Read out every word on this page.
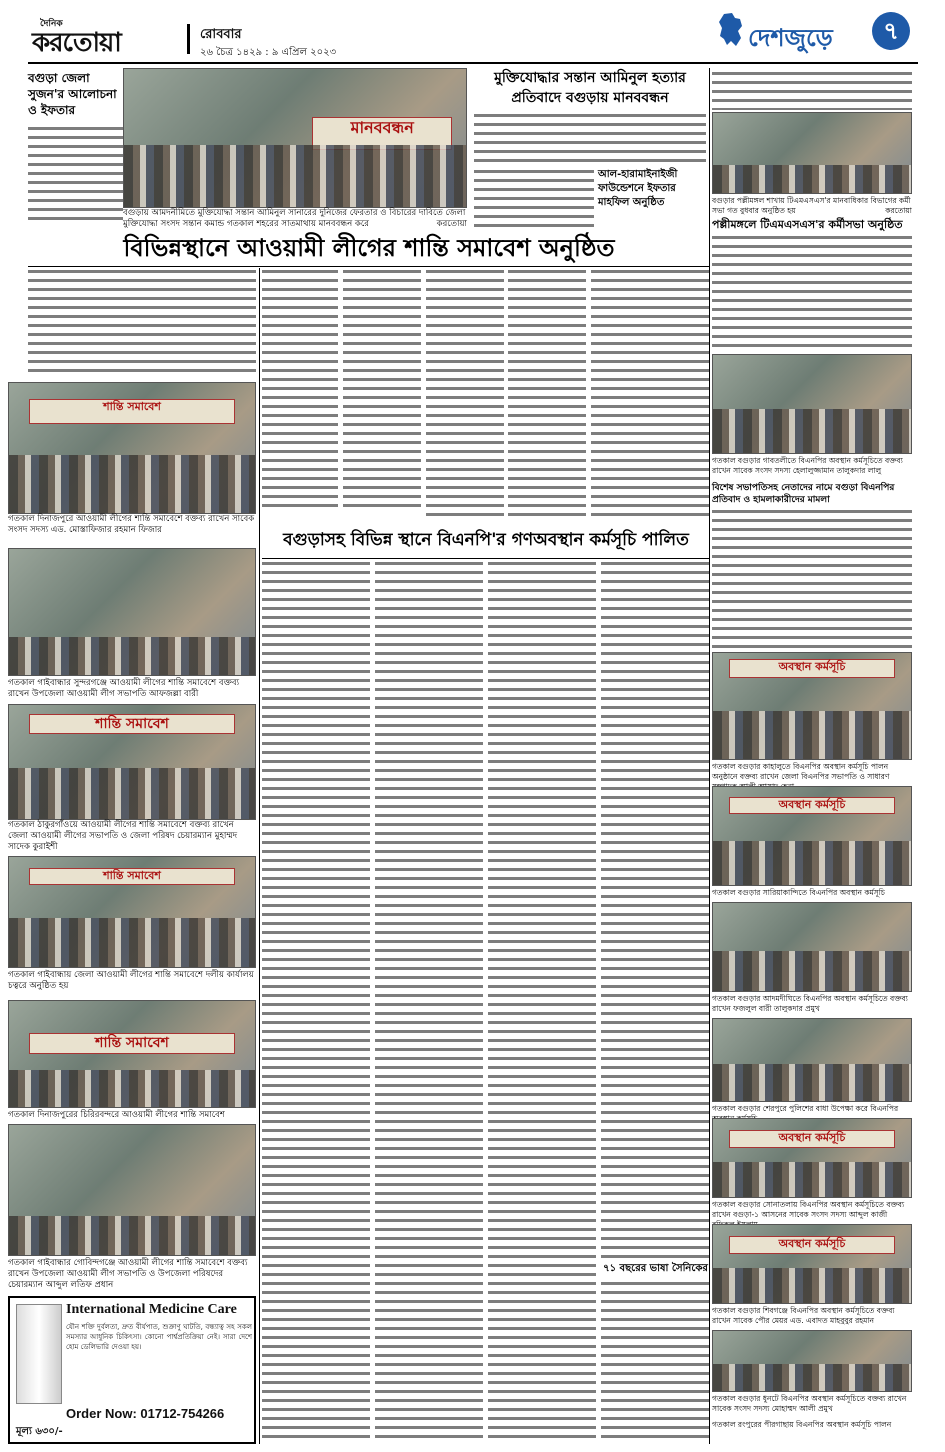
দৈনিক
করতোয়া	রোববার
২৬ চৈত্র ১৪২৯ : ৯ এপ্রিল ২০২৩
দেশজুড়ে	৭
বগুড়া জেলা সুজন'র আলোচনা ও ইফতার
মানববন্ধন
বগুড়ায় আমদনীমিতে মুক্তিযোদ্ধা সন্তান আমিনুল সানারের দুনিজের ফেরতার ও বিচারের দাবিতে জেলা মুক্তিযোদ্ধা সংসদ সন্তান কমান্ড গতকাল শহরের সাতমাথায় মানববন্ধন করে	করতোয়া
মুক্তিযোদ্ধার সন্তান আমিনুল হত্যার প্রতিবাদে বগুড়ায় মানববন্ধন
আল-হারামাইনাইজী ফাউন্ডেশনে ইফতার মাহফিল অনুষ্ঠিত	বগুড়ার পল্লীমঙ্গল শাখায় টিএমএসএস'র মানবাধিকার বিভাগের কর্মী সভা গত বুধবার অনুষ্ঠিত হয়	করতোয়া
পল্লীমঙ্গলে টিএমএসএস'র কর্মীসভা অনুষ্ঠিত
বিভিন্নস্থানে আওয়ামী লীগের শান্তি সমাবেশ অনুষ্ঠিত
শান্তি সমাবেশ
গতকাল দিনাজপুরে আওয়ামী লীগের শান্তি সমাবেশে বক্তব্য রাখেন সাবেক সংসদ সদস্য এড. মোস্তাফিজার রহমান ফিজার
গতকাল গাইবান্ধার সুন্দরগঞ্জে আওয়ামী লীগের শান্তি সমাবেশে বক্তব্য রাখেন উপজেলা আওয়ামী লীগ সভাপতি আফজল্লা বারী
শান্তি সমাবেশ
গতকাল ঠাকুরগাঁওয়ে আওয়ামী লীগের শান্তি সমাবেশে বক্তব্য রাখেন জেলা আওয়ামী লীগের সভাপতি ও জেলা পরিষদ চেয়ারম্যান মুহাম্মদ সাদেক কুরাইশী
শান্তি সমাবেশ
গতকাল গাইবান্ধায় জেলা আওয়ামী লীগের শান্তি সমাবেশে দলীয় কার্যালয় চত্বরে অনুষ্ঠিত হয়
শান্তি সমাবেশ
গতকাল দিনাজপুরের চিরিরবন্দরে আওয়ামী লীগের শান্তি সমাবেশ
গতকাল গাইবান্ধার গোবিন্দগঞ্জে আওয়ামী লীগের শান্তি সমাবেশে বক্তব্য রাখেন উপজেলা আওয়ামী লীগ সভাপতি ও উপজেলা পরিষদের চেয়ারম্যান আব্দুল লতিফ প্রধান
International Medicine Care
যৌন শক্তি দুর্বলতা, দ্রুত বীর্যপাত, শুক্রাণু ঘাটতি, বন্ধ্যাত্ব সহ সকল সমস্যার আধুনিক চিকিৎসা। কোনো পার্শ্বপ্রতিক্রিয়া নেই। সারা দেশে হোম ডেলিভারি দেওয়া হয়।
Order Now: 01712-754266
মূল্য ৬৩০/-
বগুড়াসহ বিভিন্ন স্থানে বিএনপি'র গণঅবস্থান কর্মসূচি পালিত
৭১ বছরের ভাষা সৈনিকের
গতকাল বগুড়ার গাবতলীতে বিএনপির অবস্থান কর্মসূচিতে বক্তব্য রাখেন সাবেক সংসদ সদস্য হেলালুজ্জামান তালুকদার লালু
বিশেষ সভাপতিসহ নেতাদের নামে বগুড়া বিএনপির প্রতিবাদ ও হামলাকারীদের মামলা
অবস্থান কর্মসূচি
গতকাল বগুড়ার কাহালুতে বিএনপির অবস্থান কর্মসূচি পালন অনুষ্ঠানে বক্তব্য রাখেন জেলা বিএনপির সভাপতি ও সাধারণ
অবস্থান কর্মসূচি
গতকাল বগুড়ার সারিয়াকান্দিতে বিএনপির অবস্থান কর্মসূচি
গতকাল বগুড়ার আদমদীঘিতে বিএনপির অবস্থান কর্মসূচিতে বক্তব্য রাখেন ফজলুল বারী তালুকদার প্রমুখ
গতকাল বগুড়ার শেরপুরে পুলিশের বাধা উপেক্ষা করে বিএনপির
অবস্থান কর্মসূচি
গতকাল বগুড়ার সোনাতলায় বিএনপির অবস্থান কর্মসূচিতে বক্তব্য রাখেন বগুড়া-১ আসনের সাবেক সংসদ সদস্য আব্দুল কাজী
অবস্থান কর্মসূচি
গতকাল বগুড়ার শিবগঞ্জে বিএনপির অবস্থান কর্মসূচিতে বক্তব্য রাখেন সাবেক পৌর মেয়র এড. এবাদত মাহবুবুর রহমান
গতকাল বগুড়ার ধুনটে বিএনপির অবস্থান কর্মসূচিতে বক্তব্য রাখেন সাবেক সংসদ সদস্য মোহাম্মদ আলী প্রমুখ
গতকাল রংপুরের পীরগাছায় বিএনপির অবস্থান কর্মসূচি পালন
